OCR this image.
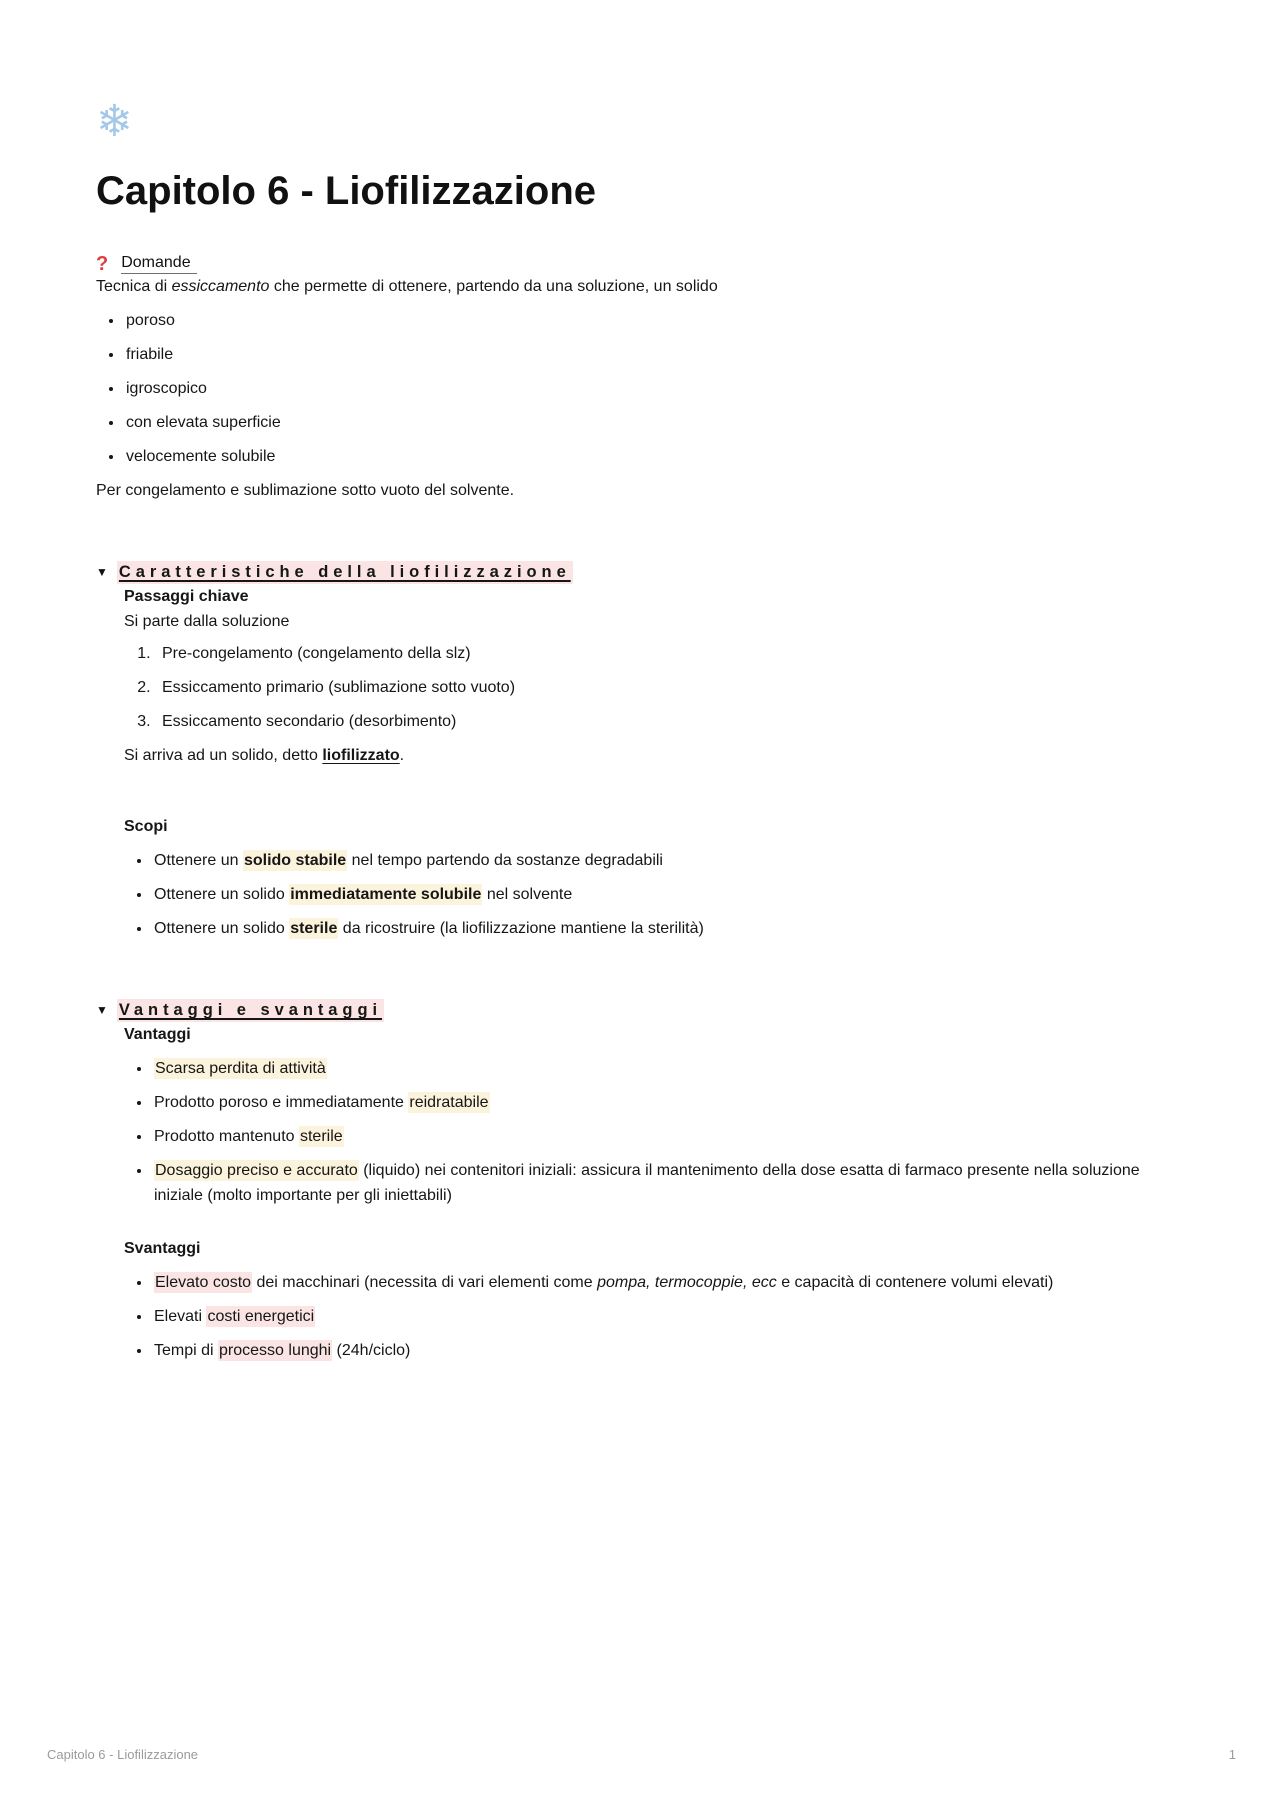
❄
Capitolo 6 - Liofilizzazione
? Domande

Tecnica di essiccamento che permette di ottenere, partendo da una soluzione, un solido

• poroso
• friabile
• igroscopico
• con elevata superficie
• velocemente solubile

Per congelamento e sublimazione sotto vuoto del solvente.

▼ Caratteristiche della liofilizzazione

Passaggi chiave

Si parte dalla soluzione

1. Pre-congelamento (congelamento della slz)
2. Essiccamento primario (sublimazione sotto vuoto)
3. Essiccamento secondario (desorbimento)

Si arriva ad un solido, detto liofilizzato.

Scopi

• Ottenere un solido stabile nel tempo partendo da sostanze degradabili
• Ottenere un solido immediatamente solubile nel solvente
• Ottenere un solido sterile da ricostruire (la liofilizzazione mantiene la sterilità)
▼ Vantaggi e svantaggi

Vantaggi

• Scarsa perdita di attività
• Prodotto poroso e immediatamente reidratabile
• Prodotto mantenuto sterile
• Dosaggio preciso e accurato (liquido) nei contenitori iniziali: assicura il mantenimento della dose esatta di farmaco presente nella soluzione iniziale (molto importante per gli iniettabili)

Svantaggi

• Elevato costo dei macchinari (necessita di vari elementi come pompa, termocoppie, ecc e capacità di contenere volumi elevati)
• Elevati costi energetici
• Tempi di processo lunghi (24h/ciclo)
Capitolo 6 - Liofilizzazione	1
